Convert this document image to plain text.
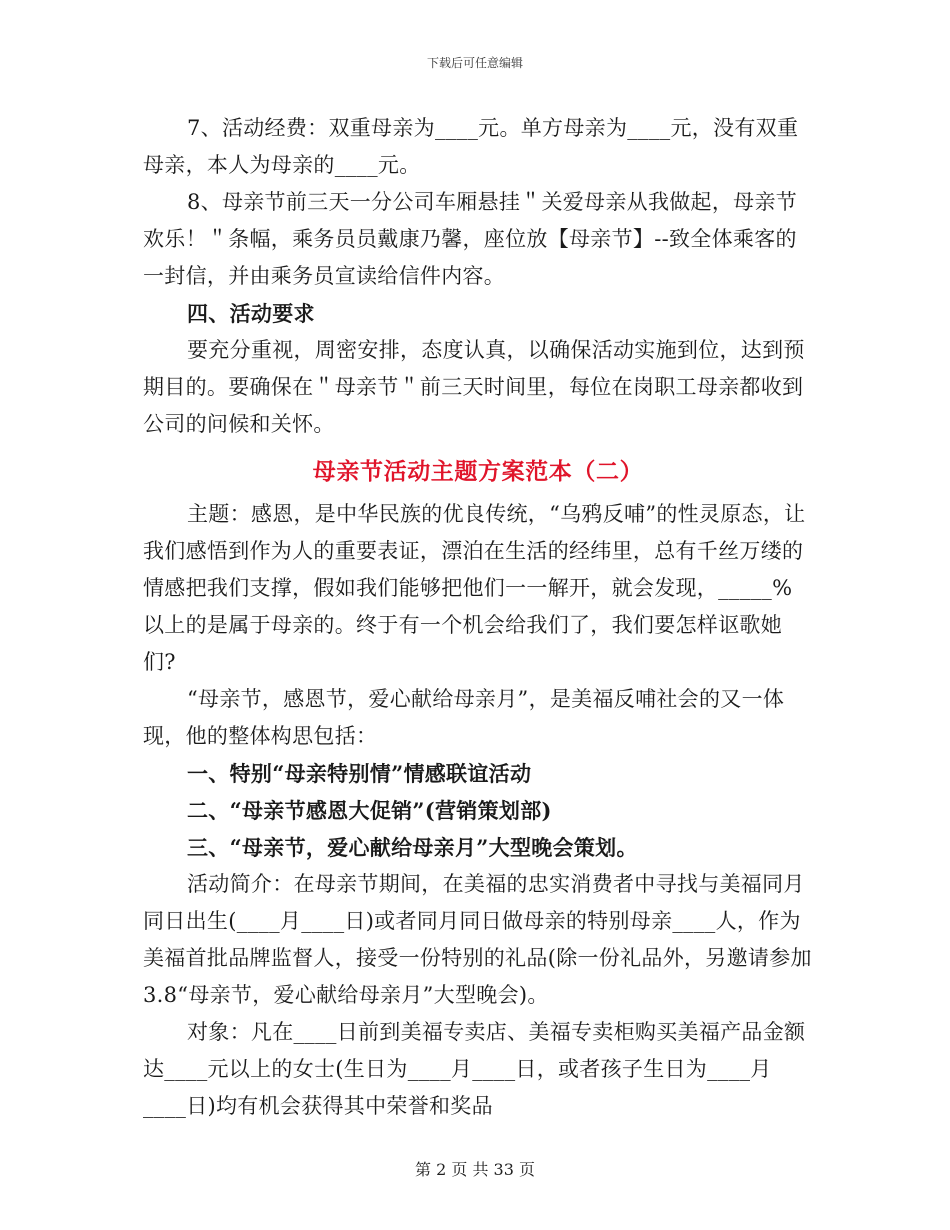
下载后可任意编辑

7、活动经费：双重母亲为____元。单方母亲为____元，没有双重母亲，本人为母亲的____元。

8、母亲节前三天一分公司车厢悬挂＂关爱母亲从我做起，母亲节欢乐！＂条幅，乘务员员戴康乃馨，座位放【母亲节】--致全体乘客的一封信，并由乘务员宣读给信件内容。

四、活动要求

要充分重视，周密安排，态度认真，以确保活动实施到位，达到预期目的。要确保在＂母亲节＂前三天时间里，每位在岗职工母亲都收到公司的问候和关怀。

母亲节活动主题方案范本（二）

主题：感恩，是中华民族的优良传统，“乌鸦反哺”的性灵原态，让我们感悟到作为人的重要表证，漂泊在生活的经纬里，总有千丝万缕的情感把我们支撑，假如我们能够把他们一一解开，就会发现，_____%以上的是属于母亲的。终于有一个机会给我们了，我们要怎样讴歌她们?

“母亲节，感恩节，爱心献给母亲月”，是美福反哺社会的又一体现，他的整体构思包括：

一、特别“母亲特别情”情感联谊活动

二、“母亲节感恩大促销”(营销策划部)

三、“母亲节，爱心献给母亲月”大型晚会策划。

活动简介：在母亲节期间，在美福的忠实消费者中寻找与美福同月同日出生(____月____日)或者同月同日做母亲的特别母亲____人，作为美福首批品牌监督人，接受一份特别的礼品(除一份礼品外，另邀请参加3.8“母亲节，爱心献给母亲月”大型晚会)。

对象：凡在____日前到美福专卖店、美福专卖柜购买美福产品金额达____元以上的女士(生日为____月____日，或者孩子生日为____月____日)均有机会获得其中荣誉和奖品

第 2 页 共 33 页
